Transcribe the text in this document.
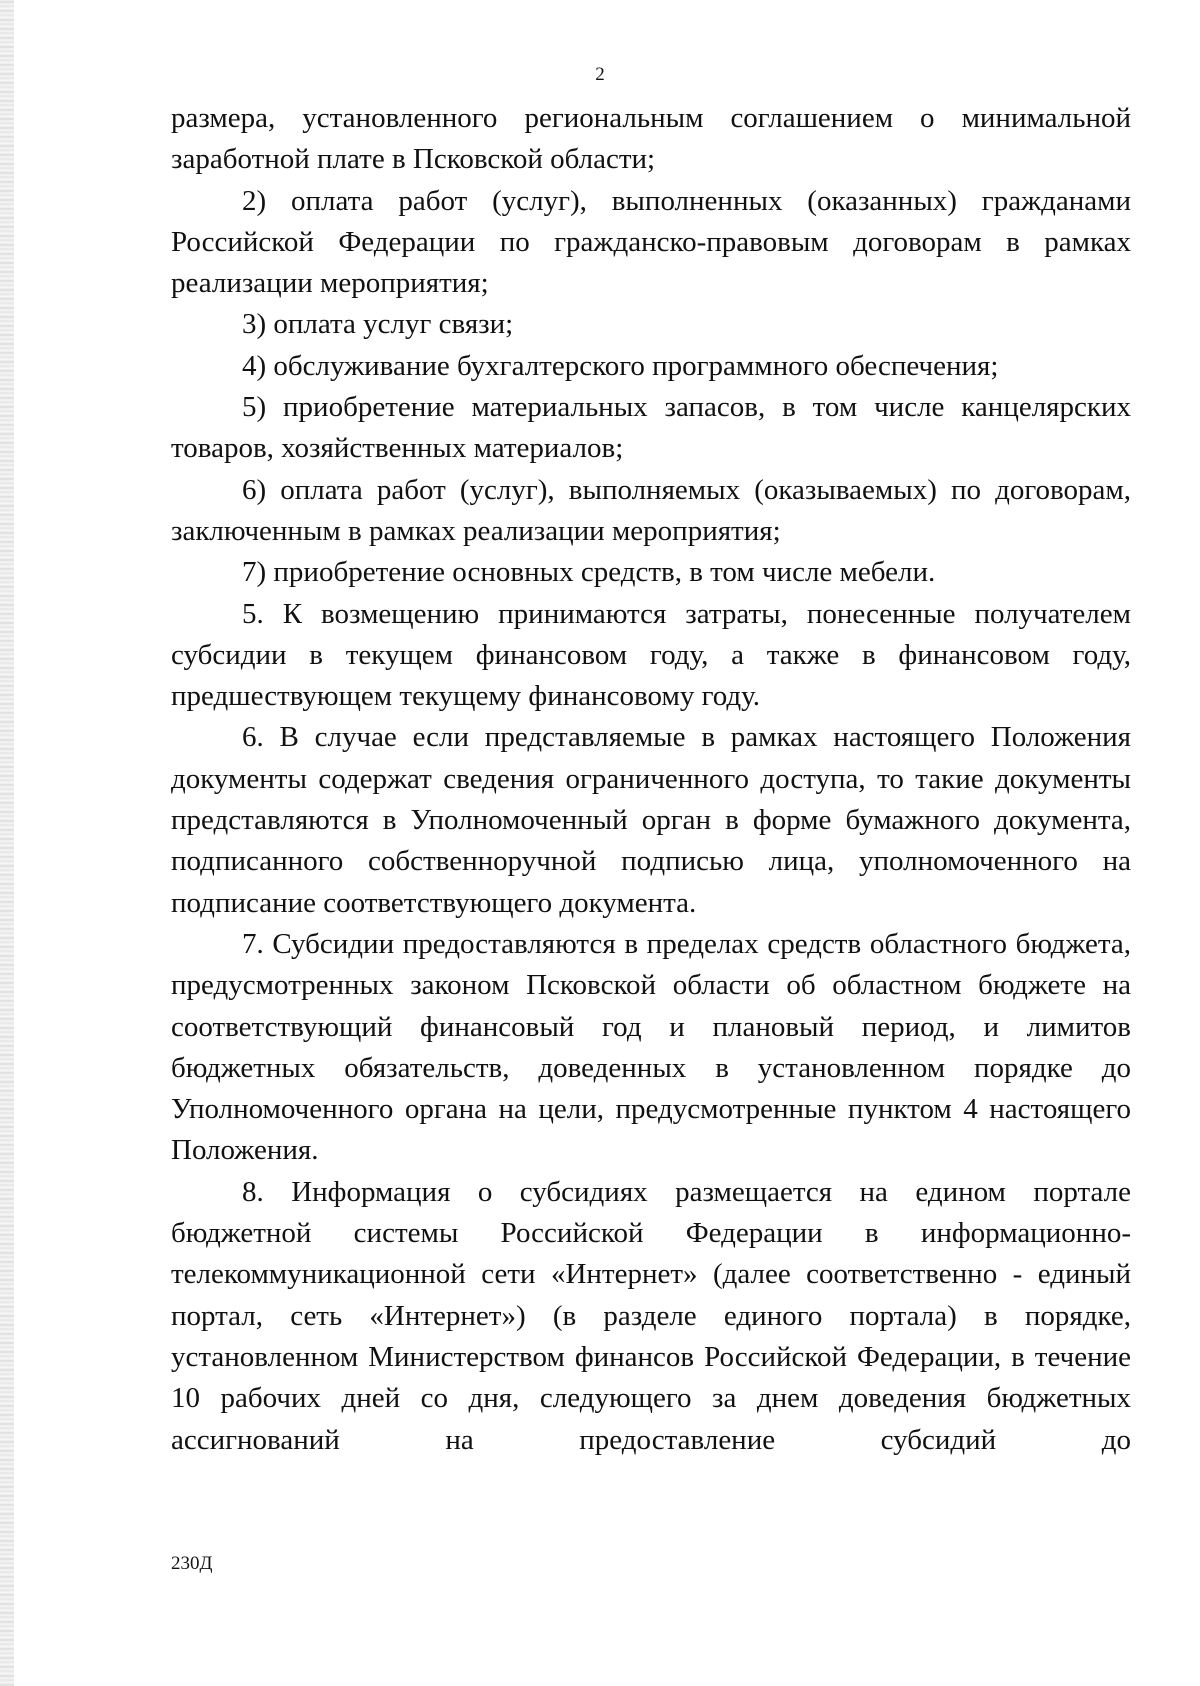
2

размера, установленного региональным соглашением о минимальной заработной плате в Псковской области;

2) оплата работ (услуг), выполненных (оказанных) гражданами Российской Федерации по гражданско-правовым договорам в рамках реализации мероприятия;

3) оплата услуг связи;

4) обслуживание бухгалтерского программного обеспечения;

5) приобретение материальных запасов, в том числе канцелярских товаров, хозяйственных материалов;

6) оплата работ (услуг), выполняемых (оказываемых) по договорам, заключенным в рамках реализации мероприятия;

7) приобретение основных средств, в том числе мебели.

5. К возмещению принимаются затраты, понесенные получателем субсидии в текущем финансовом году, а также в финансовом году, предшествующем текущему финансовому году.

6. В случае если представляемые в рамках настоящего Положения документы содержат сведения ограниченного доступа, то такие документы представляются в Уполномоченный орган в форме бумажного документа, подписанного собственноручной подписью лица, уполномоченного на подписание соответствующего документа.

7. Субсидии предоставляются в пределах средств областного бюджета, предусмотренных законом Псковской области об областном бюджете на соответствующий финансовый год и плановый период, и лимитов бюджетных обязательств, доведенных в установленном порядке до Уполномоченного органа на цели, предусмотренные пунктом 4 настоящего Положения.

8. Информация о субсидиях размещается на едином портале бюджетной системы Российской Федерации в информационно-телекоммуникационной сети «Интернет» (далее соответственно - единый портал, сеть «Интернет») (в разделе единого портала) в порядке, установленном Министерством финансов Российской Федерации, в течение 10 рабочих дней со дня, следующего за днем доведения бюджетных ассигнований на предоставление субсидий до

230Д
